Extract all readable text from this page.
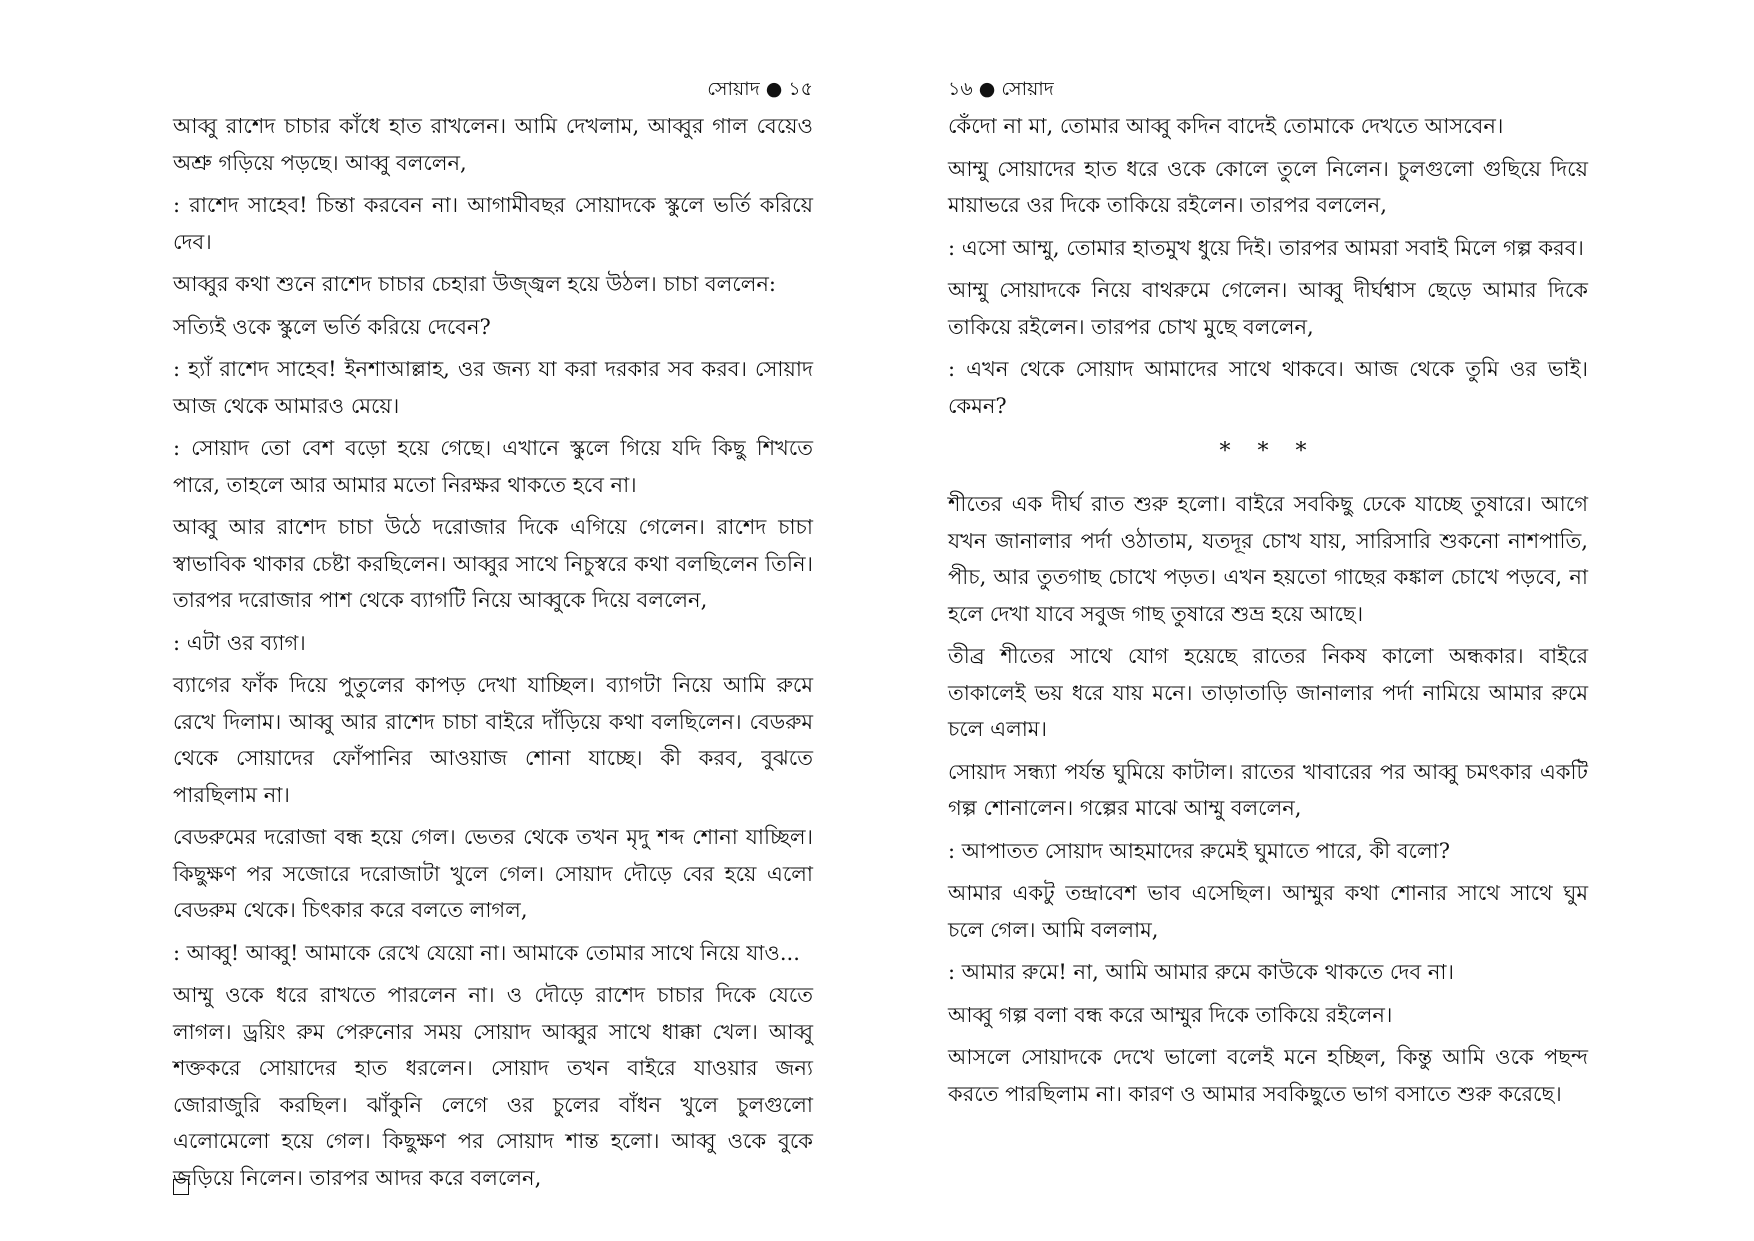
সোয়াদ ● ১৫

আব্বু রাশেদ চাচার কাঁধে হাত রাখলেন। আমি দেখলাম, আব্বুর গাল বেয়েও অশ্রু গড়িয়ে পড়ছে। আব্বু বললেন,

: রাশেদ সাহেব! চিন্তা করবেন না। আগামীবছর সোয়াদকে স্কুলে ভর্তি করিয়ে দেব।

আব্বুর কথা শুনে রাশেদ চাচার চেহারা উজ্জ্বল হয়ে উঠল। চাচা বললেন:

সত্যিই ওকে স্কুলে ভর্তি করিয়ে দেবেন?

: হ্যাঁ রাশেদ সাহেব! ইনশাআল্লাহ, ওর জন্য যা করা দরকার সব করব। সোয়াদ আজ থেকে আমারও মেয়ে।

: সোয়াদ তো বেশ বড়ো হয়ে গেছে। এখানে স্কুলে গিয়ে যদি কিছু শিখতে পারে, তাহলে আর আমার মতো নিরক্ষর থাকতে হবে না।

আব্বু আর রাশেদ চাচা উঠে দরোজার দিকে এগিয়ে গেলেন। রাশেদ চাচা স্বাভাবিক থাকার চেষ্টা করছিলেন। আব্বুর সাথে নিচুস্বরে কথা বলছিলেন তিনি। তারপর দরোজার পাশ থেকে ব্যাগটি নিয়ে আব্বুকে দিয়ে বললেন,

: এটা ওর ব্যাগ।

ব্যাগের ফাঁক দিয়ে পুতুলের কাপড় দেখা যাচ্ছিল। ব্যাগটা নিয়ে আমি রুমে রেখে দিলাম। আব্বু আর রাশেদ চাচা বাইরে দাঁড়িয়ে কথা বলছিলেন। বেডরুম থেকে সোয়াদের ফোঁপানির আওয়াজ শোনা যাচ্ছে। কী করব, বুঝতে পারছিলাম না।

বেডরুমের দরোজা বন্ধ হয়ে গেল। ভেতর থেকে তখন মৃদু শব্দ শোনা যাচ্ছিল। কিছুক্ষণ পর সজোরে দরোজাটা খুলে গেল। সোয়াদ দৌড়ে বের হয়ে এলো বেডরুম থেকে। চিৎকার করে বলতে লাগল,

: আব্বু! আব্বু! আমাকে রেখে যেয়ো না। আমাকে তোমার সাথে নিয়ে যাও...

আম্মু ওকে ধরে রাখতে পারলেন না। ও দৌড়ে রাশেদ চাচার দিকে যেতে লাগল। ড্রয়িং রুম পেরুনোর সময় সোয়াদ আব্বুর সাথে ধাক্কা খেল। আব্বু শক্তকরে সোয়াদের হাত ধরলেন। সোয়াদ তখন বাইরে যাওয়ার জন্য জোরাজুরি করছিল। ঝাঁকুনি লেগে ওর চুলের বাঁধন খুলে চুলগুলো এলোমেলো হয়ে গেল। কিছুক্ষণ পর সোয়াদ শান্ত হলো। আব্বু ওকে বুকে জড়িয়ে নিলেন। তারপর আদর করে বললেন,

১৬ ● সোয়াদ

কেঁদো না মা, তোমার আব্বু কদিন বাদেই তোমাকে দেখতে আসবেন।

আম্মু সোয়াদের হাত ধরে ওকে কোলে তুলে নিলেন। চুলগুলো গুছিয়ে দিয়ে মায়াভরে ওর দিকে তাকিয়ে রইলেন। তারপর বললেন,

: এসো আম্মু, তোমার হাতমুখ ধুয়ে দিই। তারপর আমরা সবাই মিলে গল্প করব।

আম্মু সোয়াদকে নিয়ে বাথরুমে গেলেন। আব্বু দীর্ঘশ্বাস ছেড়ে আমার দিকে তাকিয়ে রইলেন। তারপর চোখ মুছে বললেন,

: এখন থেকে সোয়াদ আমাদের সাথে থাকবে। আজ থেকে তুমি ওর ভাই। কেমন?

* * *

শীতের এক দীর্ঘ রাত শুরু হলো। বাইরে সবকিছু ঢেকে যাচ্ছে তুষারে। আগে যখন জানালার পর্দা ওঠাতাম, যতদূর চোখ যায়, সারিসারি শুকনো নাশপাতি, পীচ, আর তুতগাছ চোখে পড়ত। এখন হয়তো গাছের কঙ্কাল চোখে পড়বে, না হলে দেখা যাবে সবুজ গাছ তুষারে শুভ্র হয়ে আছে।

তীব্র শীতের সাথে যোগ হয়েছে রাতের নিকষ কালো অন্ধকার। বাইরে তাকালেই ভয় ধরে যায় মনে। তাড়াতাড়ি জানালার পর্দা নামিয়ে আমার রুমে চলে এলাম।

সোয়াদ সন্ধ্যা পর্যন্ত ঘুমিয়ে কাটাল। রাতের খাবারের পর আব্বু চমৎকার একটি গল্প শোনালেন। গল্পের মাঝে আম্মু বললেন,

: আপাতত সোয়াদ আহমাদের রুমেই ঘুমাতে পারে, কী বলো?

আমার একটু তন্দ্রাবেশ ভাব এসেছিল। আম্মুর কথা শোনার সাথে সাথে ঘুম চলে গেল। আমি বললাম,

: আমার রুমে! না, আমি আমার রুমে কাউকে থাকতে দেব না।

আব্বু গল্প বলা বন্ধ করে আম্মুর দিকে তাকিয়ে রইলেন।

আসলে সোয়াদকে দেখে ভালো বলেই মনে হচ্ছিল, কিন্তু আমি ওকে পছন্দ করতে পারছিলাম না। কারণ ও আমার সবকিছুতে ভাগ বসাতে শুরু করেছে।
